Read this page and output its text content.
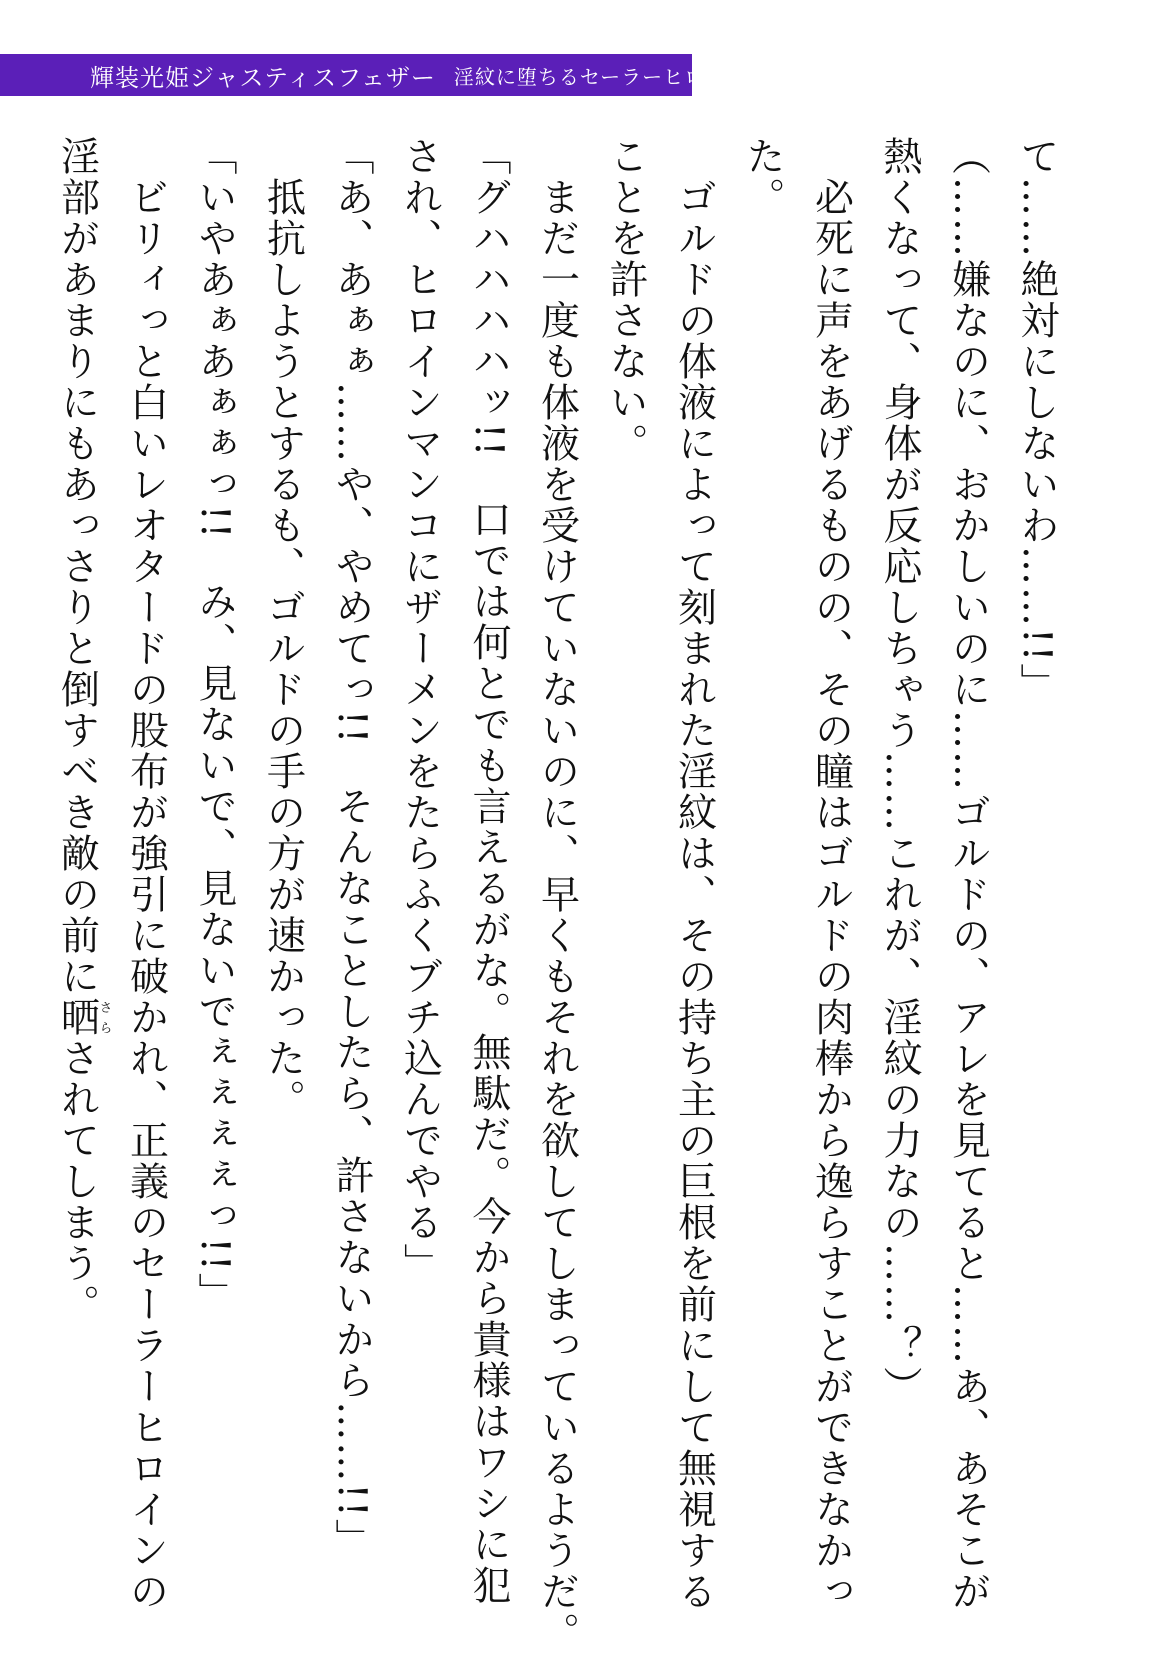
輝装光姫ジャスティスフェザー 淫紋に堕ちるセーラーヒロイン
て……絶対にしないわ……!!」
（……嫌なのに、おかしいのに……ゴルドの、アレを見てると……あ、あそこが
熱くなって、身体が反応しちゃう……これが、淫紋の力なの……？）
　必死に声をあげるものの、その瞳はゴルドの肉棒から逸らすことができなかっ
た。
　ゴルドの体液によって刻まれた淫紋は、その持ち主の巨根を前にして無視する
ことを許さない。
　まだ一度も体液を受けていないのに、早くもそれを欲してしまっているようだ。
「グハハハハッ!!　口では何とでも言えるがな。無駄だ。今から貴様はワシに犯
され、ヒロインマンコにザーメンをたらふくブチ込んでやる」
「あ、あぁぁ……や、やめてっ!!　そんなことしたら、許さないから……!!」
　抵抗しようとするも、ゴルドの手の方が速かった。
「いやあぁあぁぁっ!!　み、見ないで、見ないでぇぇぇぇっ!!」
　ビリィっと白いレオタードの股布が強引に破かれ、正義のセーラーヒロインの
淫部があまりにもあっさりと倒すべき敵の前に晒さらされてしまう。
